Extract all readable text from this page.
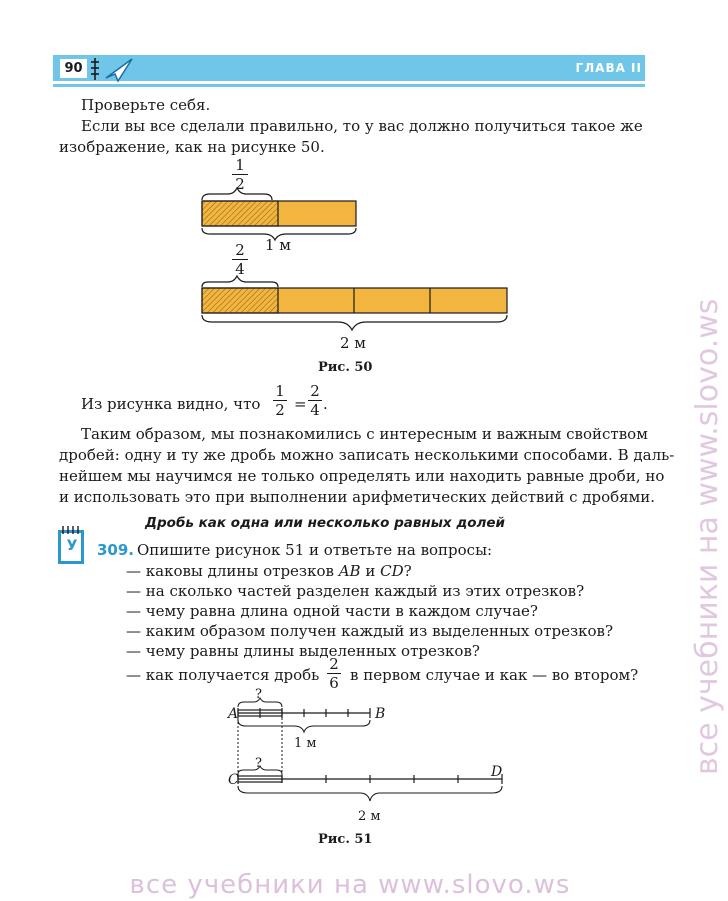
90	ГЛАВА II
Проверьте себя.
Если вы все сделали правильно, то у вас должно получиться такое же
изображение, как на рисунке 50.
1
2
1 м
2
4
2 м
Рис. 50
Из рисунка видно, что
1
2 =
2
4 .
Таким образом, мы познакомились с интересным и важным свойством
дробей: одну и ту же дробь можно записать несколькими способами. В даль-
нейшем мы научимся не только определять или находить равные дроби, но
и использовать это при выполнении арифметических действий с дробями.
Дробь как одна или несколько равных долей
У	309. Опишите рисунок 51 и ответьте на вопросы:
— каковы длины отрезков AB и CD?
— на сколько частей разделен каждый из этих отрезков?
— чему равна длина одной части в каждом случае?
— каким образом получен каждый из выделенных отрезков?
— чему равны длины выделенных отрезков?
— как получается дробь
2
6 в первом случае и как — во втором?
A	B
?
C	D
?
1 м
2 м
Рис. 51
все учебники на www.slovo.ws
все учебники на www.slovo.ws
